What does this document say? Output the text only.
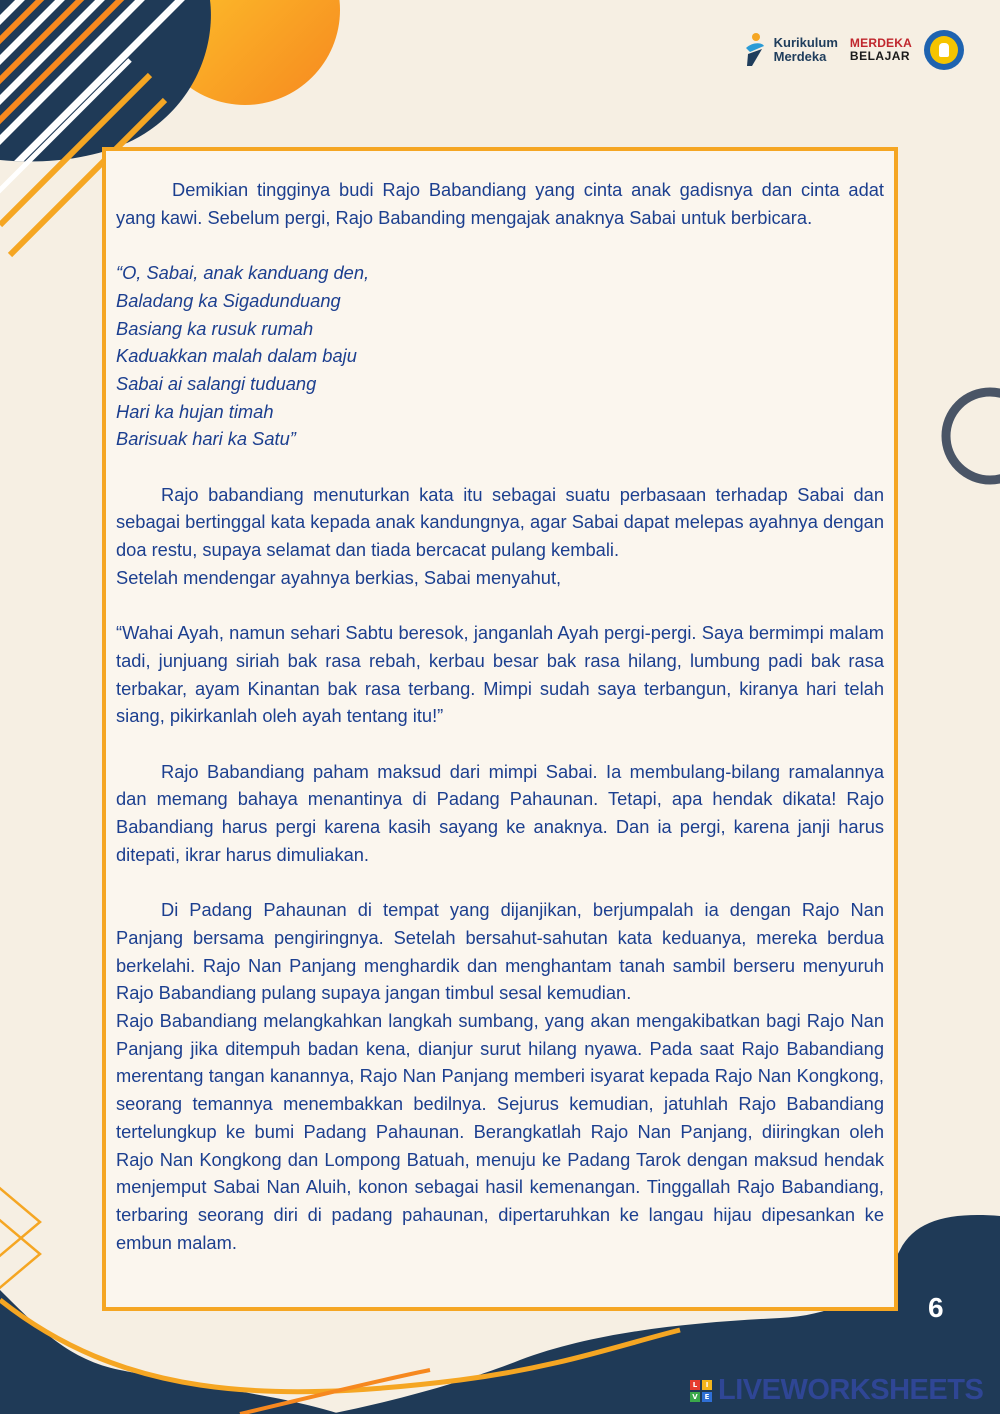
Kurikulum
Merdeka
MERDEKA
BELAJAR

Demikian tingginya budi Rajo Babandiang yang cinta anak gadisnya dan cinta adat yang kawi. Sebelum pergi, Rajo Babanding mengajak anaknya Sabai untuk berbicara.

“O, Sabai, anak kanduang den,
Baladang ka Sigadunduang
Basiang ka rusuk rumah
Kaduakkan malah dalam baju
Sabai ai salangi tuduang
Hari ka hujan timah
Barisuak hari ka Satu”

Rajo babandiang menuturkan kata itu sebagai suatu perbasaan terhadap Sabai dan sebagai bertinggal kata kepada anak kandungnya, agar Sabai dapat melepas ayahnya dengan doa restu, supaya selamat dan tiada bercacat pulang kembali.

Setelah mendengar ayahnya berkias, Sabai menyahut,

“Wahai Ayah, namun sehari Sabtu beresok, janganlah Ayah pergi-pergi. Saya bermimpi malam tadi, junjuang siriah bak rasa rebah, kerbau besar bak rasa hilang, lumbung padi bak rasa terbakar, ayam Kinantan bak rasa terbang. Mimpi sudah saya terbangun, kiranya hari telah siang, pikirkanlah oleh ayah tentang itu!”

Rajo Babandiang paham maksud dari mimpi Sabai. Ia membulang-bilang ramalannya dan memang bahaya menantinya di Padang Pahaunan. Tetapi, apa hendak dikata! Rajo Babandiang harus pergi karena kasih sayang ke anaknya. Dan ia pergi, karena janji harus ditepati, ikrar harus dimuliakan.

Di Padang Pahaunan di tempat yang dijanjikan, berjumpalah ia dengan Rajo Nan Panjang bersama pengiringnya. Setelah bersahut-sahutan kata keduanya, mereka berdua berkelahi. Rajo Nan Panjang menghardik dan menghantam tanah sambil berseru menyuruh Rajo Babandiang pulang supaya jangan timbul sesal kemudian.

Rajo Babandiang melangkahkan langkah sumbang, yang akan mengakibatkan bagi Rajo Nan Panjang jika ditempuh badan kena, dianjur surut hilang nyawa. Pada saat Rajo Babandiang merentang tangan kanannya, Rajo Nan Panjang memberi isyarat kepada Rajo Nan Kongkong, seorang temannya menembakkan bedilnya. Sejurus kemudian, jatuhlah Rajo Babandiang tertelungkup ke bumi Padang Pahaunan. Berangkatlah Rajo Nan Panjang, diiringkan oleh Rajo Nan Kongkong dan Lompong Batuah, menuju ke Padang Tarok dengan maksud hendak menjemput Sabai Nan Aluih, konon sebagai hasil kemenangan. Tinggallah Rajo Babandiang, terbaring seorang diri di padang pahaunan, dipertaruhkan ke langau hijau dipesankan ke embun malam.

6
L	I
V E LIVEWORKSHEETS
